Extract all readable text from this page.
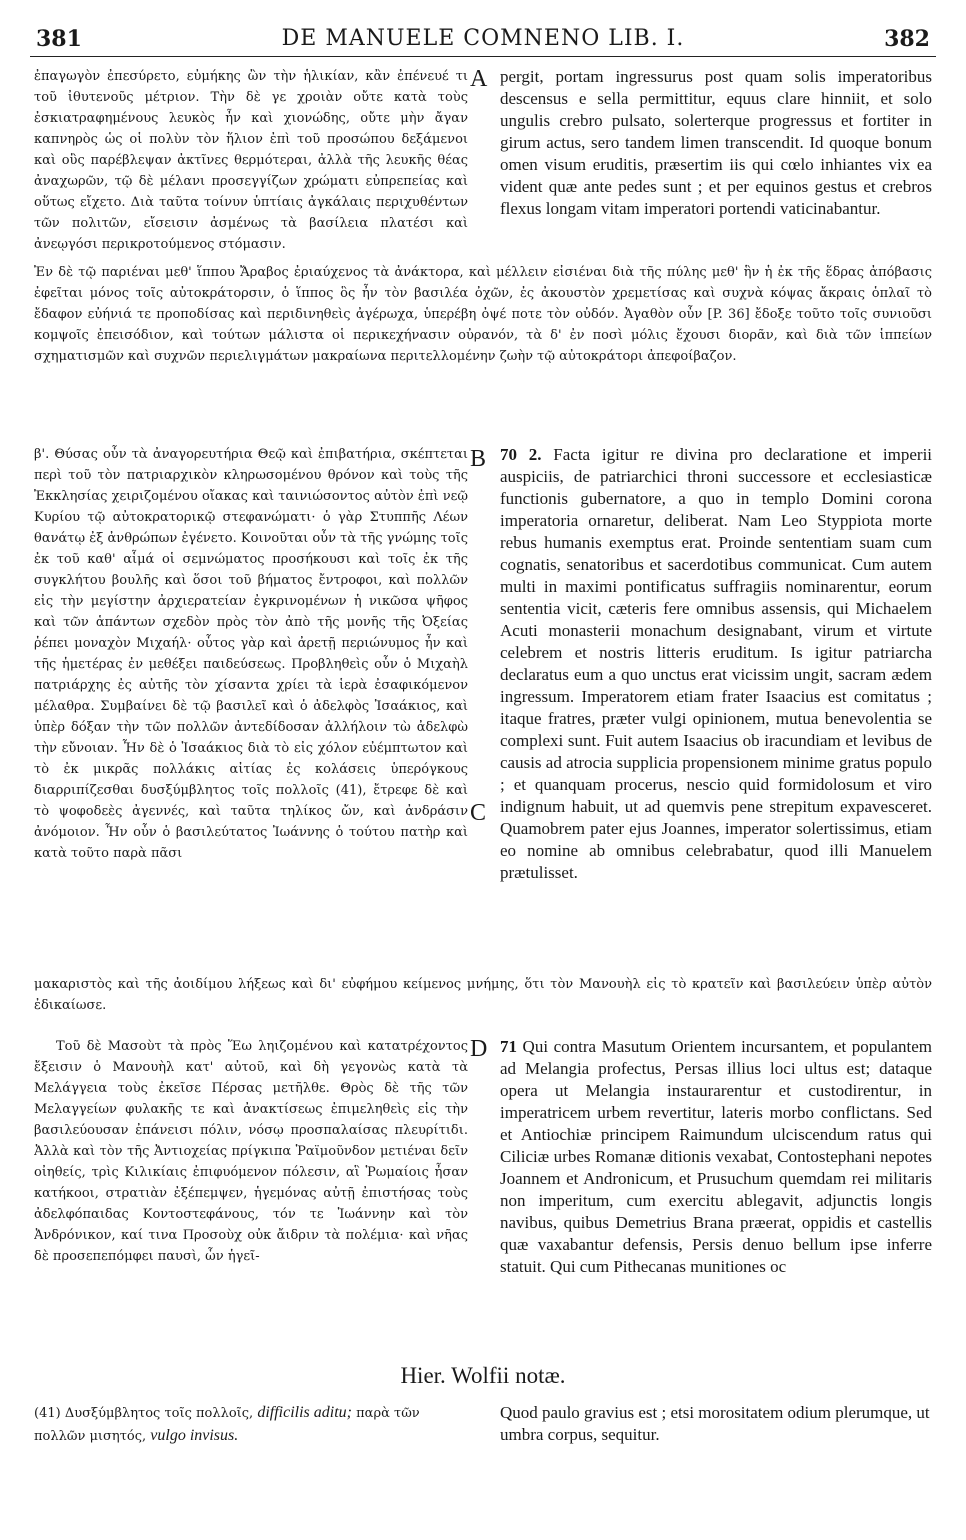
381	DE MANUELE COMNENO LIB. I.	382

ἐπαγωγὸν ἐπεσύρετο, εὐμήκης ὢν τὴν ἡλικίαν, κἂν ἐπένευέ τι τοῦ ἰθυτενοῦς μέτριον. Τὴν δὲ γε χροιὰν οὔτε κατὰ τοὺς ἐσκιατραφημένους λευκὸς ἦν καὶ χιονώδης, οὔτε μὴν ἄγαν καπνηρὸς ὡς οἱ πολὺν τὸν ἥλιον ἐπὶ τοῦ προσώπου δεξάμενοι καὶ οὓς παρέβλεψαν ἀκτῖνες θερμότεραι, ἀλλὰ τῆς λευκῆς θέας ἀναχωρῶν, τῷ δὲ μέλανι προσεγγίζων χρώματι εὐπρεπείας καὶ οὕτως εἴχετο. Διὰ ταῦτα τοίνυν ὑπτίαις ἀγκάλαις περιχυθέντων τῶν πολιτῶν, εἴσεισιν ἀσμένως τὰ βασίλεια πλατέσι καὶ ἀνεῳγόσι περικροτούμενος στόμασιν.

A pergit, portam ingressurus post quam solis imperatoribus descensus e sella permittitur, equus clare hinniit, et solo ungulis crebro pulsato, solerterque progressus et fortiter in girum actus, sero tandem limen transcendit. Id quoque bonum omen visum eruditis, præsertim iis qui cœlo inhiantes vix ea vident quæ ante pedes sunt ; et per equinos gestus et crebros flexus longam vitam imperatori portendi vaticinabantur.

Ἐν δὲ τῷ παριέναι μεθ' ἵππου Ἄραβος ἐριαύχενος τὰ ἀνάκτορα, καὶ μέλλειν εἰσιέναι διὰ τῆς πύλης μεθ' ἣν ἡ ἐκ τῆς ἕδρας ἀπόβασις ἐφεῖται μόνος τοῖς αὐτοκράτορσιν, ὁ ἵππος ὃς ἦν τὸν βασιλέα ὀχῶν, ἐς ἀκουστὸν χρεμετίσας καὶ συχνὰ κόψας ἄκραις ὁπλαῖ τὸ ἔδαφον εὐήνιά τε προποδίσας καὶ περιδινηθεὶς ἀγέρωχα, ὑπερέβη ὀψέ ποτε τὸν οὐδόν. Ἀγαθὸν οὖν [P. 36] ἔδοξε τοῦτο τοῖς συνιοῦσι κομψοῖς ἐπεισόδιον, καὶ τούτων μάλιστα οἱ περικεχήνασιν οὐρανόν, τὰ δ' ἐν ποσὶ μόλις ἔχουσι διορᾶν, καὶ διὰ τῶν ἱππείων σχηματισμῶν καὶ συχνῶν περιελιγμάτων μακραίωνα περιτελλομένην ζωὴν τῷ αὐτοκράτορι ἀπεφοίβαζον.

β'. Θύσας οὖν τὰ ἀναγορευτήρια Θεῷ καὶ ἐπιβατήρια, σκέπτεται περὶ τοῦ τὸν πατριαρχικὸν κληρωσομένου θρόνον καὶ τοὺς τῆς Ἐκκλησίας χειριζομένου οἴακας καὶ ταινιώσοντος αὐτὸν ἐπὶ νεῷ Κυρίου τῷ αὐτοκρατορικῷ στεφανώματι· ὁ γὰρ Στυππῆς Λέων θανάτῳ ἐξ ἀνθρώπων ἐγένετο. Κοινοῦται οὖν τὰ τῆς γνώμης τοῖς ἐκ τοῦ καθ' αἷμά οἱ σεμνώματος προσήκουσι καὶ τοῖς ἐκ τῆς συγκλήτου βουλῆς καὶ ὅσοι τοῦ βήματος ἔντροφοι, καὶ πολλῶν εἰς τὴν μεγίστην ἀρχιερατείαν ἐγκρινομένων ἡ νικῶσα ψῆφος καὶ τῶν ἁπάντων σχεδὸν πρὸς τὸν ἀπὸ τῆς μονῆς τῆς Ὀξείας ῥέπει μοναχὸν Μιχαήλ· οὗτος γὰρ καὶ ἀρετῇ περιώνυμος ἦν καὶ τῆς ἡμετέρας ἐν μεθέξει παιδεύσεως. Προβληθεὶς οὖν ὁ Μιχαὴλ πατριάρχης ἐς αὐτῆς τὸν χίσαντα χρίει τὰ ἱερὰ ἐσαφικόμενον μέλαθρα. Συμβαίνει δὲ τῷ βασιλεῖ καὶ ὁ ἀδελφὸς Ἰσαάκιος, καὶ ὑπὲρ δόξαν τὴν τῶν πολλῶν ἀντεδίδοσαν ἀλλήλοιν τὼ ἀδελφὼ τὴν εὔνοιαν. Ἦν δὲ ὁ Ἰσαάκιος διὰ τὸ εἰς χόλον εὐέμπτωτον καὶ τὸ ἐκ μικρᾶς πολλάκις αἰτίας ἐς κολάσεις ὑπερόγκους διαρριπίζεσθαι δυσξύμβλητος τοῖς πολλοῖς (41), ἔτρεφε δὲ καὶ τὸ ψοφοδεὲς ἀγεννές, καὶ ταῦτα τηλίκος ὤν, καὶ ἀνδράσιν ἀνόμοιον. Ἦν οὖν ὁ βασιλεύτατος Ἰωάννης ὁ τούτου πατὴρ καὶ κατὰ τοῦτο παρὰ πᾶσι

B
C

70 2. Facta igitur re divina pro declaratione et imperii auspiciis, de patriarchici throni successore et ecclesiasticæ functionis gubernatore, a quo in templo Domini corona imperatoria ornaretur, deliberat. Nam Leo Styppiota morte rebus humanis exemptus erat. Proinde sententiam suam cum cognatis, senatoribus et sacerdotibus communicat. Cum autem multi in maximi pontificatus suffragiis nominarentur, eorum sententia vicit, cæteris fere omnibus assensis, qui Michaelem Acuti monasterii monachum designabant, virum et virtute celebrem et nostris litteris eruditum. Is igitur patriarcha declaratus eum a quo unctus erat vicissim ungit, sacram ædem ingressum. Imperatorem etiam frater Isaacius est comitatus ; itaque fratres, præter vulgi opinionem, mutua benevolentia se complexi sunt. Fuit autem Isaacius ob iracundiam et levibus de causis ad atrocia supplicia propensionem minime gratus populo ; et quanquam procerus, nescio quid formidolosum et viro indignum habuit, ut ad quemvis pene strepitum expavesceret. Quamobrem pater ejus Joannes, imperator solertissimus, etiam eo nomine ab omnibus celebrabatur, quod illi Manuelem prætulisset.

μακαριστὸς καὶ τῆς ἀοιδίμου λήξεως καὶ δι' εὐφήμου κείμενος μνήμης, ὅτι τὸν Μανουὴλ εἰς τὸ κρατεῖν καὶ βασιλεύειν ὑπὲρ αὐτὸν ἐδικαίωσε.

Τοῦ δὲ Μασοὺτ τὰ πρὸς Ἕω ληιζομένου καὶ κατατρέχοντος ἔξεισιν ὁ Μανουὴλ κατ' αὐτοῦ, καὶ δὴ γεγονὼς κατὰ τὰ Μελάγγεια τοὺς ἐκεῖσε Πέρσας μετῆλθε. Θρὸς δὲ τῆς τῶν Μελαγγείων φυλακῆς τε καὶ ἀνακτίσεως ἐπιμεληθεὶς εἰς τὴν βασιλεύουσαν ἐπάνεισι πόλιν, νόσῳ προσπαλαίσας πλευρίτιδι. Ἀλλὰ καὶ τὸν τῆς Ἀντιοχείας πρίγκιπα Ῥαϊμοῦνδον μετιέναι δεῖν οἰηθείς, τρὶς Κιλικίαις ἐπιφυόμενον πόλεσιν, αἳ Ῥωμαίοις ἦσαν κατήκοοι, στρατιὰν ἐξέπεμψεν, ἡγεμόνας αὐτῇ ἐπιστήσας τοὺς ἀδελφόπαιδας Κοντοστεφάνους, τόν τε Ἰωάννην καὶ τὸν Ἀνδρόνικον, καί τινα Προσοὺχ οὐκ ἄιδριν τὰ πολέμια· καὶ νῆας δὲ προσεπεπόμφει παυσὶ, ὧν ἡγεῖ-

D 71 Qui contra Masutum Orientem incursantem, et populantem ad Melangia profectus, Persas illius loci ultus est; dataque opera ut Melangia instaurarentur et custodirentur, in imperatricem urbem revertitur, lateris morbo conflictans. Sed et Antiochiæ principem Raimundum ulciscendum ratus qui Ciliciæ urbes Romanæ ditionis vexabat, Contostephani nepotes Joannem et Andronicum, et Prusuchum quemdam rei militaris non imperitum, cum exercitu ablegavit, adjunctis longis navibus, quibus Demetrius Brana præerat, oppidis et castellis quæ vaxabantur defensis, Persis denuo bellum ipse inferre statuit. Qui cum Pithecanas munitiones oc

Hier. Wolfii notæ.
(41) Δυσξύμβλητος τοῖς πολλοῖς, difficilis aditu; παρὰ τῶν πολλῶν μισητός, vulgo invisus.
Quod paulo gravius est ; etsi morositatem odium plerumque, ut umbra corpus, sequitur.
